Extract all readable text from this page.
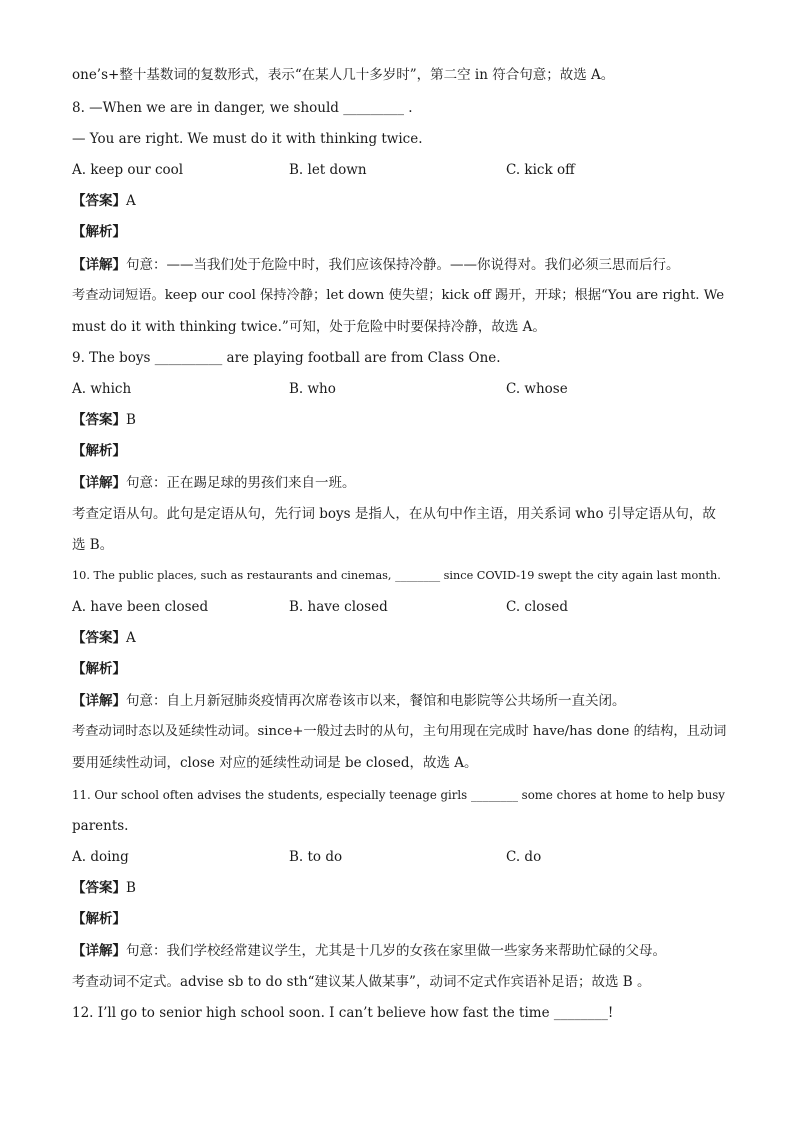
one’s+整十基数词的复数形式，表示“在某人几十多岁时”，第二空 in 符合句意；故选 A。
8. —When we are in danger, we should _________ .
— You are right. We must do it with thinking twice.
A. keep our cool	B. let down	C. kick off
【答案】A
【解析】
【详解】句意：——当我们处于危险中时，我们应该保持冷静。——你说得对。我们必须三思而后行。
考查动词短语。keep our cool 保持冷静；let down 使失望；kick off 踢开，开球；根据“You are right. We
must do it with thinking twice.”可知，处于危险中时要保持冷静，故选 A。
9. The boys __________ are playing football are from Class One.
A. which	B. who	C. whose
【答案】B
【解析】
【详解】句意：正在踢足球的男孩们来自一班。
考查定语从句。此句是定语从句，先行词 boys 是指人，在从句中作主语，用关系词 who 引导定语从句，故
选 B。
10. The public places, such as restaurants and cinemas, ________ since COVID-19 swept the city again last month.
A. have been closed	B. have closed	C. closed
【答案】A
【解析】
【详解】句意：自上月新冠肺炎疫情再次席卷该市以来，餐馆和电影院等公共场所一直关闭。
考查动词时态以及延续性动词。since+一般过去时的从句，主句用现在完成时 have/has done 的结构，且动词
要用延续性动词，close 对应的延续性动词是 be closed，故选 A。
11. Our school often advises the students, especially teenage girls ________ some chores at home to help busy
parents.
A. doing	B. to do	C. do
【答案】B
【解析】
【详解】句意：我们学校经常建议学生，尤其是十几岁的女孩在家里做一些家务来帮助忙碌的父母。
考查动词不定式。advise sb to do sth“建议某人做某事”，动词不定式作宾语补足语；故选 B 。
12. I’ll go to senior high school soon. I can’t believe how fast the time ________!
